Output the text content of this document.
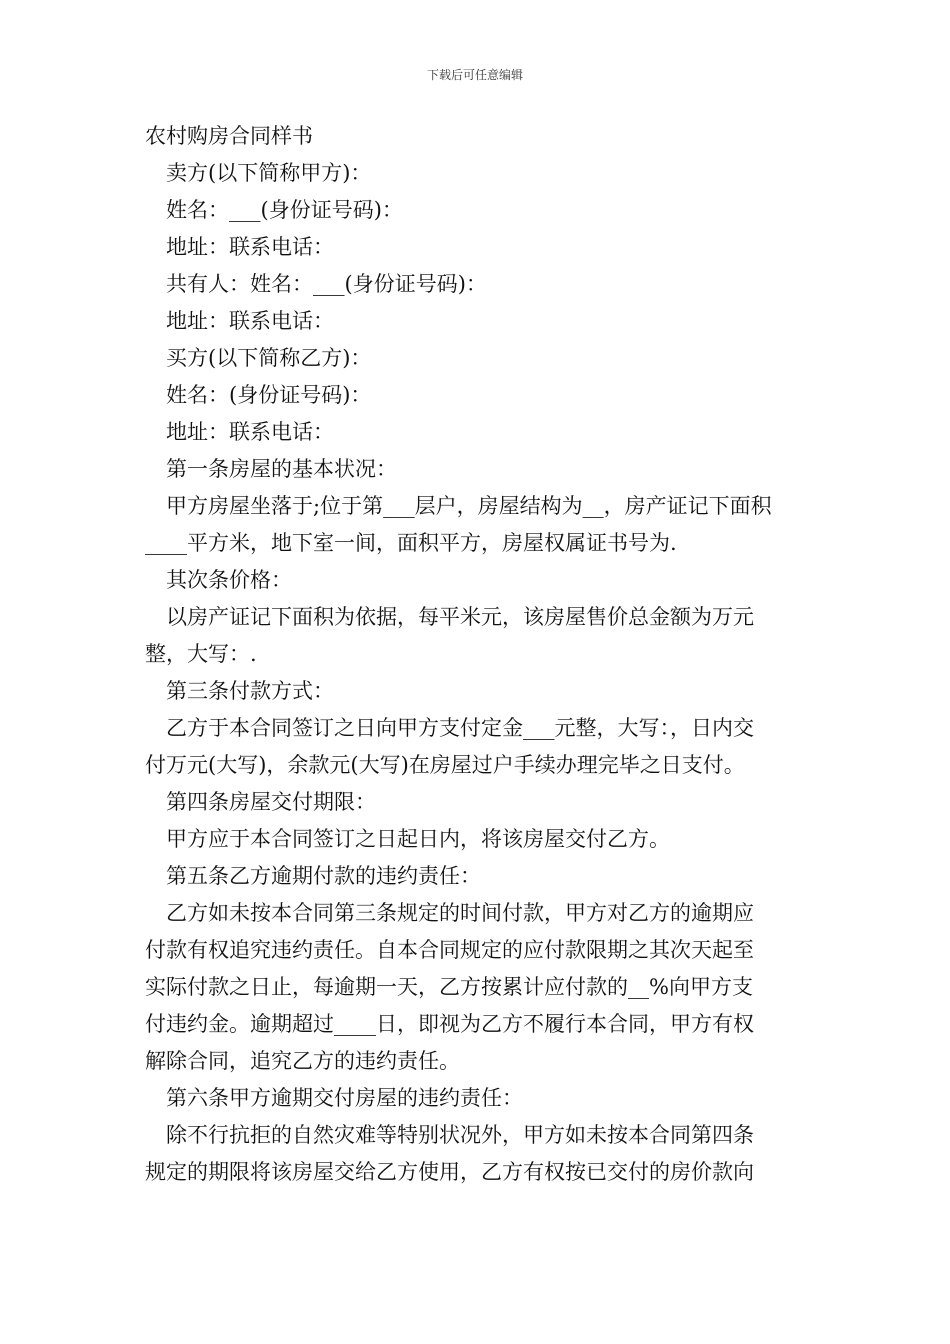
下载后可任意编辑
农村购房合同样书
卖方(以下简称甲方)：
姓名：___(身份证号码)：
地址：联系电话：
共有人：姓名：___(身份证号码)：
地址：联系电话：
买方(以下简称乙方)：
姓名：(身份证号码)：
地址：联系电话：
第一条房屋的基本状况：
甲方房屋坐落于;位于第___层户，房屋结构为__，房产证记下面积
____平方米，地下室一间，面积平方，房屋权属证书号为.
其次条价格：
以房产证记下面积为依据，每平米元，该房屋售价总金额为万元
整，大写：.
第三条付款方式：
乙方于本合同签订之日向甲方支付定金___元整，大写：，日内交
付万元(大写)，余款元(大写)在房屋过户手续办理完毕之日支付。
第四条房屋交付期限：
甲方应于本合同签订之日起日内，将该房屋交付乙方。
第五条乙方逾期付款的违约责任：
乙方如未按本合同第三条规定的时间付款，甲方对乙方的逾期应
付款有权追究违约责任。自本合同规定的应付款限期之其次天起至
实际付款之日止，每逾期一天，乙方按累计应付款的__%向甲方支
付违约金。逾期超过____日，即视为乙方不履行本合同，甲方有权
解除合同，追究乙方的违约责任。
第六条甲方逾期交付房屋的违约责任：
除不行抗拒的自然灾难等特别状况外，甲方如未按本合同第四条
规定的期限将该房屋交给乙方使用，乙方有权按已交付的房价款向
